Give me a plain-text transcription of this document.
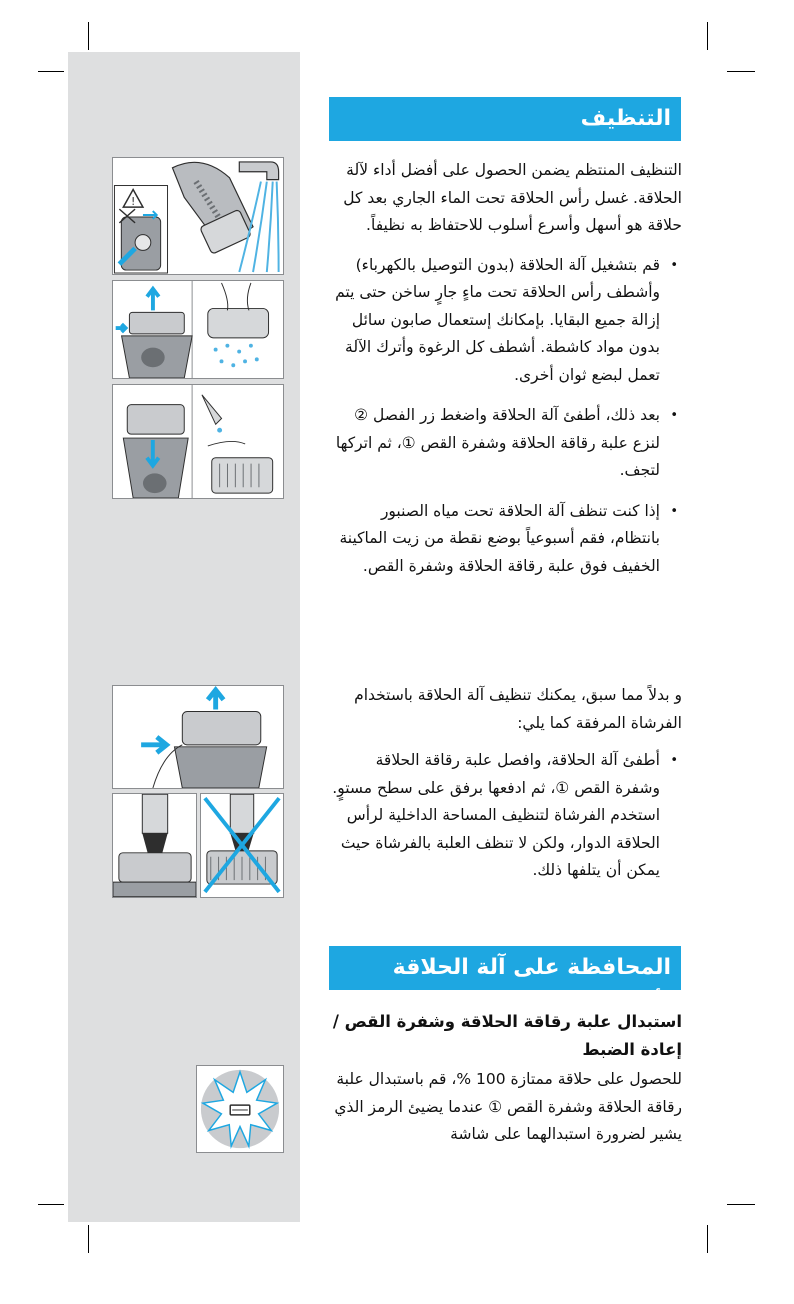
!
التنظيف

التنظيف المنتظم يضمن الحصول على أفضل أداء لآلة الحلاقة. غسل رأس الحلاقة تحت الماء الجاري بعد كل حلاقة هو أسهل وأسرع أسلوب للاحتفاظ به نظيفاً.

• قم بتشغيل آلة الحلاقة (بدون التوصيل بالكهرباء) وأشطف رأس الحلاقة تحت ماءٍ جارٍ ساخن حتى يتم إزالة جميع البقايا. بإمكانك إستعمال صابون سائل بدون مواد كاشطة. أشطف كل الرغوة وأترك الآلة تعمل لبضع ثوان أخرى.
• بعد ذلك، أطفئ آلة الحلاقة واضغط زر الفصل ② لنزع علبة رقاقة الحلاقة وشفرة القص ①، ثم اتركها لتجف.
• إذا كنت تنظف آلة الحلاقة تحت مياه الصنبور بانتظام، فقم أسبوعياً بوضع نقطة من زيت الماكينة الخفيف فوق علبة رقاقة الحلاقة وشفرة القص.

و بدلاً مما سبق، يمكنك تنظيف آلة الحلاقة باستخدام الفرشاة المرفقة كما يلي:

• أطفئ آلة الحلاقة، وافصل علبة رقاقة الحلاقة وشفرة القص ①، ثم ادفعها برفق على سطح مستوٍ. استخدم الفرشاة لتنظيف المساحة الداخلية لرأس الحلاقة الدوار، ولكن لا تنظف العلبة بالفرشاة حيث يمكن أن يتلفها ذلك.
المحافظة على آلة الحلاقة بأفضل حال
استبدال علبة رقاقة الحلاقة وشفرة القص / إعادة الضبط

للحصول على حلاقة ممتازة 100 %، قم باستبدال علبة رقاقة الحلاقة وشفرة القص ① عندما يضيئ الرمز الذي يشير لضرورة استبدالهما على شاشة
